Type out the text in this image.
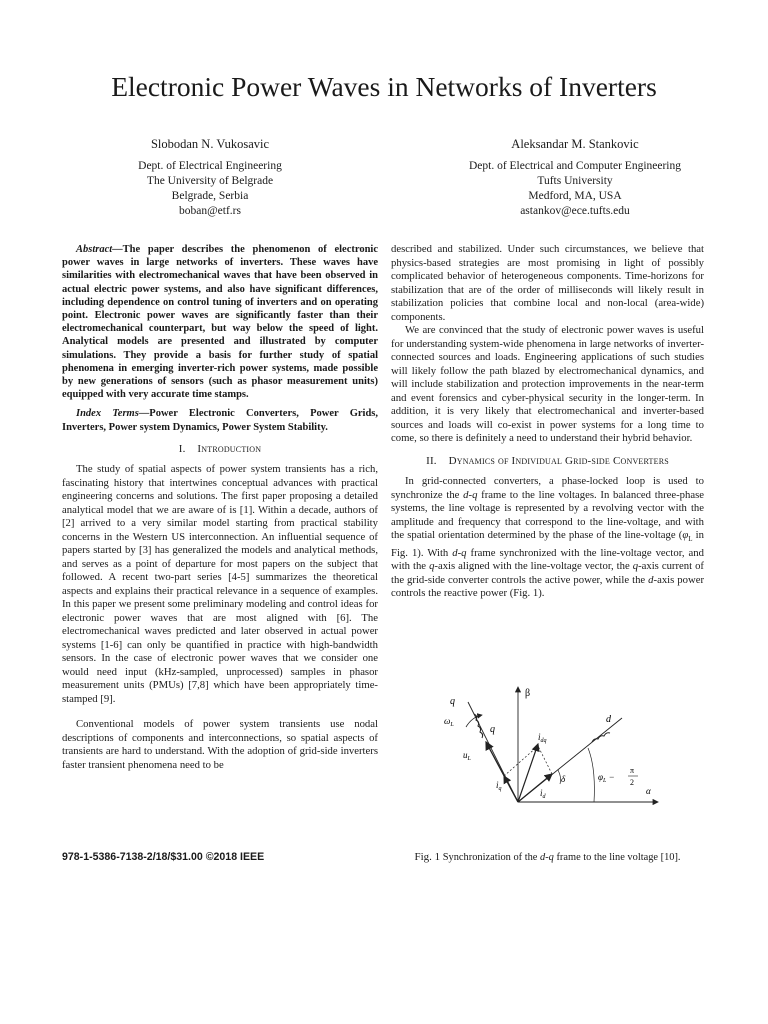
Electronic Power Waves in Networks of Inverters
Slobodan N. Vukosavic
Dept. of Electrical Engineering
The University of Belgrade
Belgrade, Serbia
boban@etf.rs
Aleksandar M. Stankovic
Dept. of Electrical and Computer Engineering
Tufts University
Medford, MA, USA
astankov@ece.tufts.edu

Abstract—The paper describes the phenomenon of electronic power waves in large networks of inverters. These waves have similarities with electromechanical waves that have been observed in actual electric power systems, and also have significant differences, including dependence on control tuning of inverters and on operating point. Electronic power waves are significantly faster than their electromechanical counterpart, but way below the speed of light. Analytical models are presented and illustrated by computer simulations. They provide a basis for further study of spatial phenomena in emerging inverter-rich power systems, made possible by new generations of sensors (such as phasor measurement units) equipped with very accurate time stamps.

Index Terms—Power Electronic Converters, Power Grids, Inverters, Power system Dynamics, Power System Stability.

I. Introduction

The study of spatial aspects of power system transients has a rich, fascinating history that intertwines conceptual advances with practical engineering concerns and solutions. The first paper proposing a detailed analytical model that we are aware of is [1]. Within a decade, authors of [2] arrived to a very similar model starting from practical stability concerns in the Western US interconnection. An influential sequence of papers started by [3] has generalized the models and analytical methods, and serves as a point of departure for most papers on the subject that followed. A recent two-part series [4-5] summarizes the theoretical aspects and explains their practical relevance in a sequence of examples. In this paper we present some preliminary modeling and control ideas for electronic power waves that are most aligned with [6]. The electromechanical waves predicted and later observed in actual power systems [1-6] can only be quantified in practice with high-bandwidth sensors. In the case of electronic power waves that we consider one would need input (kHz-sampled, unprocessed) samples in phasor measurement units (PMUs) [7,8] which have been appropriately time-stamped [9].

Conventional models of power system transients use nodal descriptions of components and interconnections, so spatial aspects of transients are hard to understand. With the adoption of grid-side inverters faster transient phenomena need to be

described and stabilized. Under such circumstances, we believe that physics-based strategies are most promising in light of possibly complicated behavior of heterogeneous components. Time-horizons for stabilization that are of the order of milliseconds will likely result in stabilization policies that combine local and non-local (area-wide) components.

We are convinced that the study of electronic power waves is useful for understanding system-wide phenomena in large networks of inverter-connected sources and loads. Engineering applications of such studies will likely follow the path blazed by electromechanical dynamics, and will include stabilization and protection improvements in the near-term and event forensics and cyber-physical security in the longer-term. In addition, it is very likely that electromechanical and inverter-based sources and loads will co-exist in power systems for a long time to come, so there is definitely a need to understand their hybrid behavior.

II. Dynamics of Individual Grid-side Converters

In grid-connected converters, a phase-locked loop is used to synchronize the d-q frame to the line voltages. In balanced three-phase systems, the line voltage is represented by a revolving vector with the amplitude and frequency that correspond to the line-voltage, and with the spatial orientation determined by the phase of the line-voltage ($\varphi_L$ in Fig. 1). With d-q frame synchronized with the line-voltage vector, and with the q-axis aligned with the line-voltage vector, the q-axis current of the grid-side converter controls the active power, while the d-axis power controls the reactive power (Fig. 1).

β
α
d
q
q
$\omega_L$
$u_L$
$i_{dq}$
$i_q$	$i_d$
δ	$\varphi_L$ −
π
2
Fig. 1 Synchronization of the d-q frame to the line voltage [10].
978-1-5386-7138-2/18/$31.00 ©2018 IEEE
